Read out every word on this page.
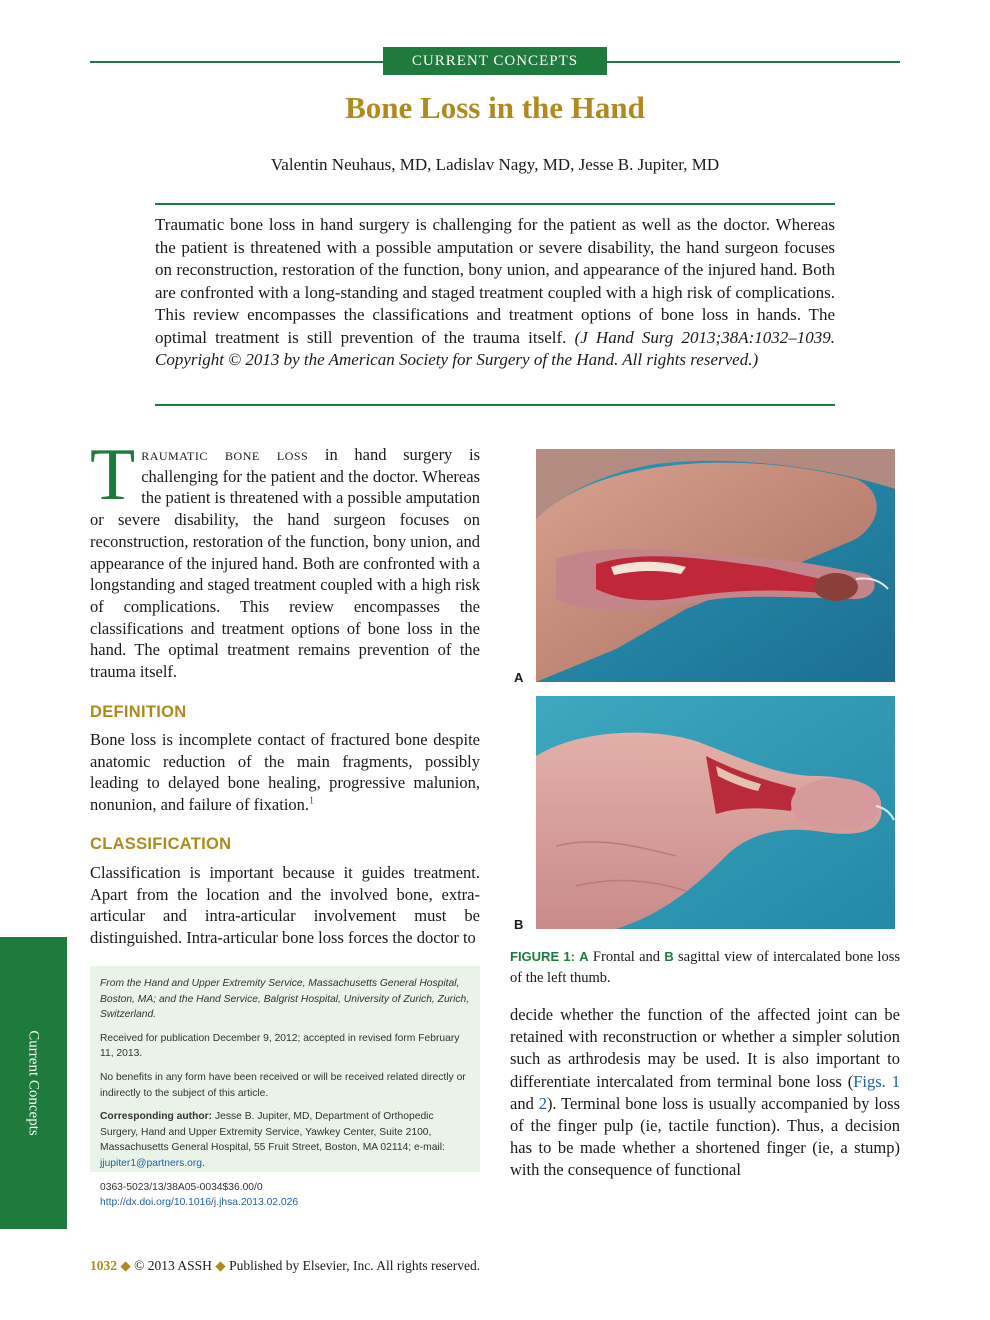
CURRENT CONCEPTS
Bone Loss in the Hand
Valentin Neuhaus, MD, Ladislav Nagy, MD, Jesse B. Jupiter, MD
Traumatic bone loss in hand surgery is challenging for the patient as well as the doctor. Whereas the patient is threatened with a possible amputation or severe disability, the hand surgeon focuses on reconstruction, restoration of the function, bony union, and appearance of the injured hand. Both are confronted with a long-standing and staged treatment coupled with a high risk of complications. This review encompasses the classifications and treatment options of bone loss in hands. The optimal treatment is still prevention of the trauma itself. (J Hand Surg 2013;38A:1032–1039. Copyright © 2013 by the American Society for Surgery of the Hand. All rights reserved.)
Traumatic bone loss in hand surgery is challenging for the patient and the doctor. Whereas the patient is threatened with a possible amputation or severe disability, the hand surgeon focuses on reconstruction, restoration of the function, bony union, and appearance of the injured hand. Both are confronted with a longstanding and staged treatment coupled with a high risk of complications. This review encompasses the classifications and treatment options of bone loss in the hand. The optimal treatment remains prevention of the trauma itself.
DEFINITION
Bone loss is incomplete contact of fractured bone despite anatomic reduction of the main fragments, possibly leading to delayed bone healing, progressive malunion, nonunion, and failure of fixation.$^1$
CLASSIFICATION
Classification is important because it guides treatment. Apart from the location and the involved bone, extra-articular and intra-articular involvement must be distinguished. Intra-articular bone loss forces the doctor to

From the Hand and Upper Extremity Service, Massachusetts General Hospital, Boston, MA; and the Hand Service, Balgrist Hospital, University of Zurich, Zurich, Switzerland.

Received for publication December 9, 2012; accepted in revised form February 11, 2013.

No benefits in any form have been received or will be received related directly or indirectly to the subject of this article.

Corresponding author: Jesse B. Jupiter, MD, Department of Orthopedic Surgery, Hand and Upper Extremity Service, Yawkey Center, Suite 2100, Massachusetts General Hospital, 55 Fruit Street, Boston, MA 02114; e-mail: jjupiter1@partners.org.

0363-5023/13/38A05-0034$36.00/0
http://dx.doi.org/10.1016/j.jhsa.2013.02.026

A
B
FIGURE 1: A Frontal and B sagittal view of intercalated bone loss of the left thumb.
decide whether the function of the affected joint can be retained with reconstruction or whether a simpler solution such as arthrodesis may be used. It is also important to differentiate intercalated from terminal bone loss (Figs. 1 and 2). Terminal bone loss is usually accompanied by loss of the finger pulp (ie, tactile function). Thus, a decision has to be made whether a shortened finger (ie, a stump) with the consequence of functional
Current Concepts
1032 ◆ © 2013 ASSH ◆ Published by Elsevier, Inc. All rights reserved.
